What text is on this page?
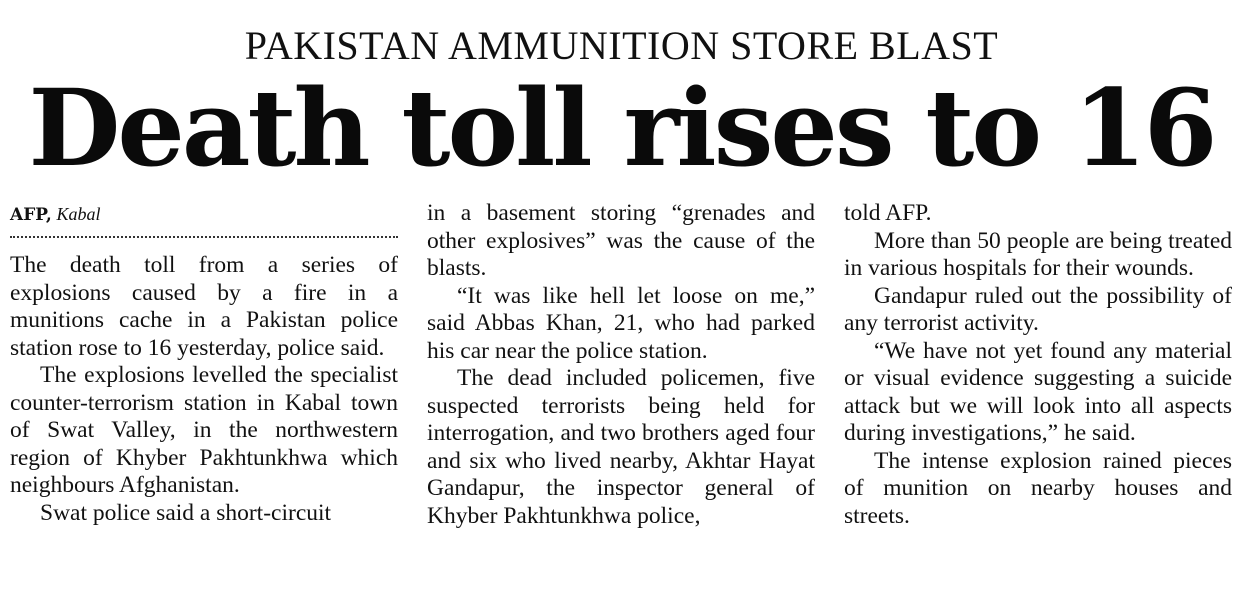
PAKISTAN AMMUNITION STORE BLAST
Death toll rises to 16
AFP, Kabal

The death toll from a series of explosions caused by a fire in a munitions cache in a Pakistan police station rose to 16 yesterday, police said.

The explosions levelled the specialist counter-terrorism station in Kabal town of Swat Valley, in the northwestern region of Khyber Pakhtunkhwa which neighbours Afghanistan.

Swat police said a short-circuit

in a basement storing “grenades and other explosives” was the cause of the blasts.

“It was like hell let loose on me,” said Abbas Khan, 21, who had parked his car near the police station.

The dead included policemen, five suspected terrorists being held for interrogation, and two brothers aged four and six who lived nearby, Akhtar Hayat Gandapur, the inspector general of Khyber Pakhtunkhwa police,

told AFP.

More than 50 people are being treated in various hospitals for their wounds.

Gandapur ruled out the possibility of any terrorist activity.

“We have not yet found any material or visual evidence suggesting a suicide attack but we will look into all aspects during investigations,” he said.

The intense explosion rained pieces of munition on nearby houses and streets.
